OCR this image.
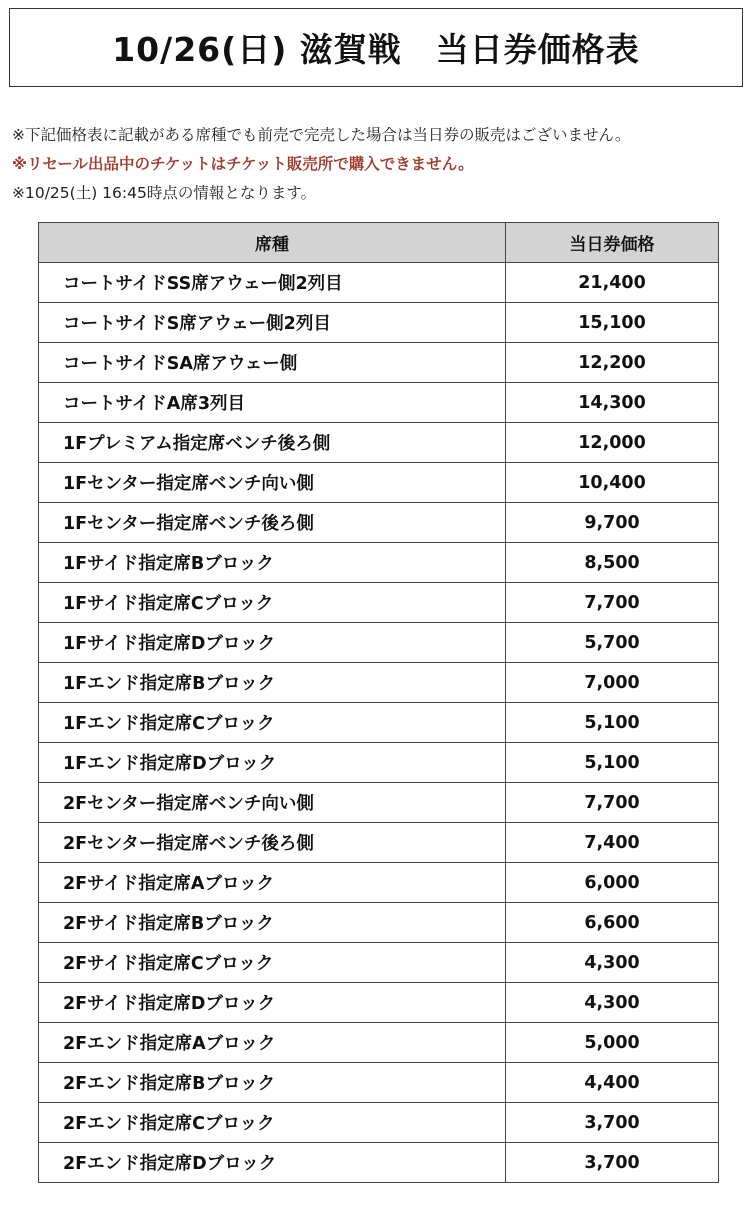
10/26(日) 滋賀戦　当日券価格表
※下記価格表に記載がある席種でも前売で完売した場合は当日券の販売はございません。
※リセール出品中のチケットはチケット販売所で購入できません。
※10/25(土) 16:45時点の情報となります。
席種	当日券価格
コートサイドSS席アウェー側2列目	21,400
コートサイドS席アウェー側2列目	15,100
コートサイドSA席アウェー側	12,200
コートサイドA席3列目	14,300
1Fプレミアム指定席ベンチ後ろ側	12,000
1Fセンター指定席ベンチ向い側	10,400
1Fセンター指定席ベンチ後ろ側	9,700
1Fサイド指定席Bブロック	8,500
1Fサイド指定席Cブロック	7,700
1Fサイド指定席Dブロック	5,700
1Fエンド指定席Bブロック	7,000
1Fエンド指定席Cブロック	5,100
1Fエンド指定席Dブロック	5,100
2Fセンター指定席ベンチ向い側	7,700
2Fセンター指定席ベンチ後ろ側	7,400
2Fサイド指定席Aブロック	6,000
2Fサイド指定席Bブロック	6,600
2Fサイド指定席Cブロック	4,300
2Fサイド指定席Dブロック	4,300
2Fエンド指定席Aブロック	5,000
2Fエンド指定席Bブロック	4,400
2Fエンド指定席Cブロック	3,700
2Fエンド指定席Dブロック	3,700
